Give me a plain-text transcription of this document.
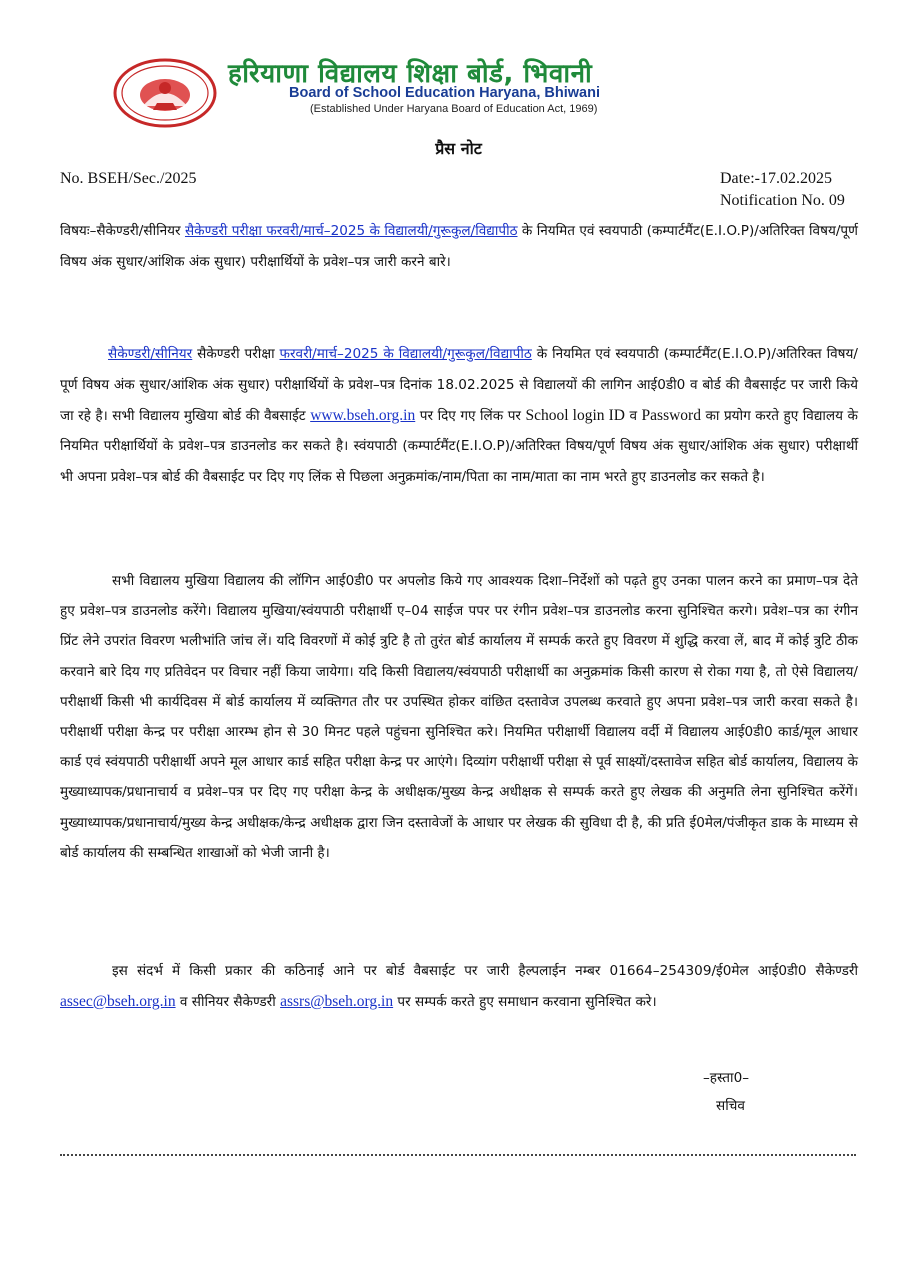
हरियाणा विद्यालय शिक्षा बोर्ड, भिवानी
Board of School Education Haryana, Bhiwani
(Established Under Haryana Board of Education Act, 1969)
प्रैस नोट
No. BSEH/Sec./2025	Date:-17.02.2025
Notification No. 09
विषयः–सैकेण्डरी/सीनियर सैकेण्डरी परीक्षा फरवरी/मार्च–2025 के विद्यालयी/गुरूकुल/विद्यापीठ के नियमित एवं स्वयपाठी (कम्पार्टमैंट(E.I.O.P)/अतिरिक्त विषय/पूर्ण विषय अंक सुधार/आंशिक अंक सुधार) परीक्षार्थियों के प्रवेश–पत्र जारी करने बारे।
सैकेण्डरी/सीनियर सैकेण्डरी परीक्षा फरवरी/मार्च–2025 के विद्यालयी/गुरूकुल/विद्यापीठ के नियमित एवं स्वयपाठी (कम्पार्टमैंट(E.I.O.P)/अतिरिक्त विषय/पूर्ण विषय अंक सुधार/आंशिक अंक सुधार) परीक्षार्थियों के प्रवेश–पत्र दिनांक 18.02.2025 से विद्यालयों की लागिन आई0डी0 व बोर्ड की वैबसाईट पर जारी किये जा रहे है। सभी विद्यालय मुखिया बोर्ड की वैबसाईट www.bseh.org.in पर दिए गए लिंक पर School login ID व Password का प्रयोग करते हुए विद्यालय के नियमित परीक्षार्थियों के प्रवेश–पत्र डाउनलोड कर सकते है। स्वंयपाठी (कम्पार्टमैंट(E.I.O.P)/अतिरिक्त विषय/पूर्ण विषय अंक सुधार/आंशिक अंक सुधार) परीक्षार्थी भी अपना प्रवेश–पत्र बोर्ड की वैबसाईट पर दिए गए लिंक से पिछला अनुक्रमांक/नाम/पिता का नाम/माता का नाम भरते हुए डाउनलोड कर सकते है।
सभी विद्यालय मुखिया विद्यालय की लॉगिन आई0डी0 पर अपलोड किये गए आवश्यक दिशा–निर्देशों को पढ़ते हुए उनका पालन करने का प्रमाण–पत्र देते हुए प्रवेश–पत्र डाउनलोड करेंगे। विद्यालय मुखिया/स्वंयपाठी परीक्षार्थी ए–04 साईज पपर पर रंगीन प्रवेश–पत्र डाउनलोड करना सुनिश्चित करगे। प्रवेश–पत्र का रंगीन प्रिंट लेने उपरांत विवरण भलीभांति जांच लें। यदि विवरणों में कोई त्रुटि है तो तुरंत बोर्ड कार्यालय में सम्पर्क करते हुए विवरण में शुद्धि करवा लें, बाद में कोई त्रुटि ठीक करवाने बारे दिय गए प्रतिवेदन पर विचार नहीं किया जायेगा। यदि किसी विद्यालय/स्वंयपाठी परीक्षार्थी का अनुक्रमांक किसी कारण से रोका गया है, तो ऐसे विद्यालय/परीक्षार्थी किसी भी कार्यदिवस में बोर्ड कार्यालय में व्यक्तिगत तौर पर उपस्थित होकर वांछित दस्तावेज उपलब्ध करवाते हुए अपना प्रवेश–पत्र जारी करवा सकते है। परीक्षार्थी परीक्षा केन्द्र पर परीक्षा आरम्भ होन से 30 मिनट पहले पहुंचना सुनिश्चित करे। नियमित परीक्षार्थी विद्यालय वर्दी में विद्यालय आई0डी0 कार्ड/मूल आधार कार्ड एवं स्वंयपाठी परीक्षार्थी अपने मूल आधार कार्ड सहित परीक्षा केन्द्र पर आएंगे। दिव्यांग परीक्षार्थी परीक्षा से पूर्व साक्ष्यों/दस्तावेज सहित बोर्ड कार्यालय, विद्यालय के मुख्याध्यापक/प्रधानाचार्य व प्रवेश–पत्र पर दिए गए परीक्षा केन्द्र के अधीक्षक/मुख्य केन्द्र अधीक्षक से सम्पर्क करते हुए लेखक की अनुमति लेना सुनिश्चित करेंगें। मुख्याध्यापक/प्रधानाचार्य/मुख्य केन्द्र अधीक्षक/केन्द्र अधीक्षक द्वारा जिन दस्तावेजों के आधार पर लेखक की सुविधा दी है, की प्रति ई0मेल/पंजीकृत डाक के माध्यम से बोर्ड कार्यालय की सम्बन्धित शाखाओं को भेजी जानी है।
इस संदर्भ में किसी प्रकार की कठिनाई आने पर बोर्ड वैबसाईट पर जारी हैल्पलाईन नम्बर 01664–254309/ई0मेल आई0डी0 सैकेण्डरी assec@bseh.org.in व सीनियर सैकेण्डरी assrs@bseh.org.in पर सम्पर्क करते हुए समाधान करवाना सुनिश्चित करे।
–हस्ता0–
सचिव
